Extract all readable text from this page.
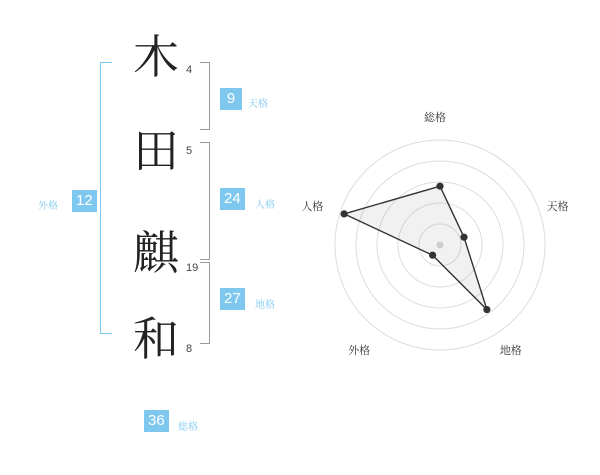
木
田
麒
和
4
5
19
8
9	天格
24	人格
27	地格
12
外格
36	総格
総格
天格
地格
外格
人格
